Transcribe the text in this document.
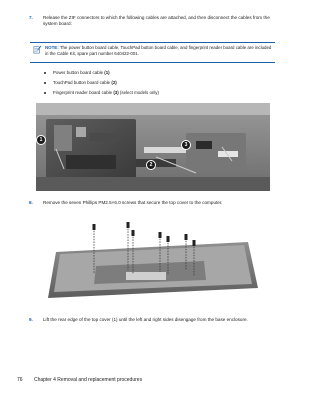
7. Release the ZIF connectors to which the following cables are attached, and then disconnect the cables from the system board:
NOTE: The power button board cable, TouchPad button board cable, and fingerprint reader board cable are included in the Cable Kit, spare part number 640422-001.
Power button board cable (1)
TouchPad button board cable (2)
Fingerprint reader board cable (3) (select models only)
1
2
3
8. Remove the seven Phillips PM2.5×6.0 screws that secure the top cover to the computer.
9. Lift the rear edge of the top cover (1) until the left and right sides disengage from the base enclosure.
76 Chapter 4 Removal and replacement procedures
